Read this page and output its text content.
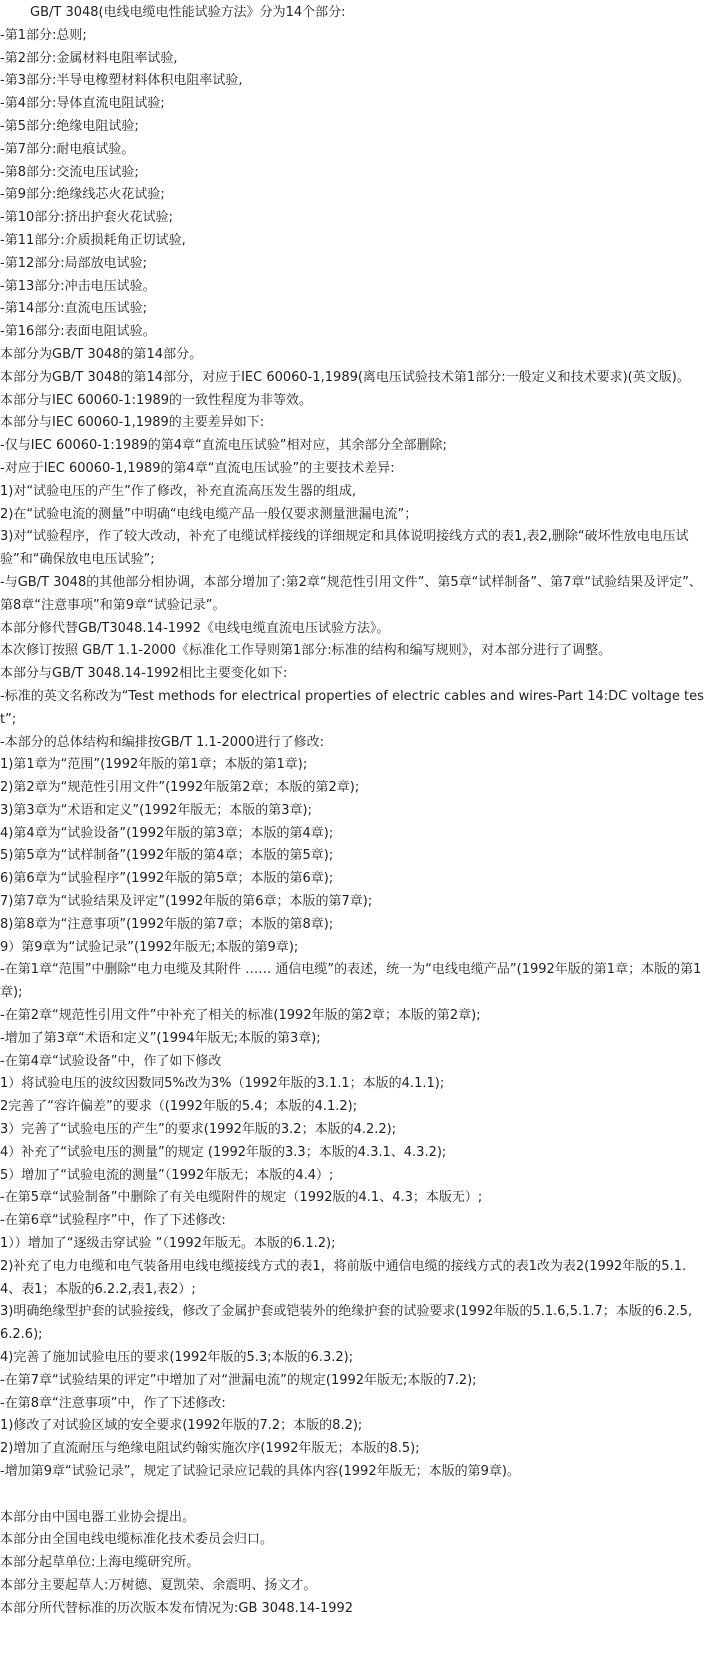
GB/T 3048(电线电缆电性能试验方法》分为14个部分:

-第1部分:总则;

-第2部分:金属材料电阻率试验,

-第3部分:半导电橡塑材料体积电阻率试验,

-第4部分:导体直流电阻试验;

-第5部分:绝缘电阻试验;

-第7部分:耐电痕试验。

-第8部分:交流电压试验;

-第9部分:绝缘线芯火花试验;

-第10部分:挤出护套火花试验;

-第11部分:介质损耗角正切试验,

-第12部分:局部放电试验;

-第13部分:冲击电压试验。

-第14部分:直流电压试验;

-第16部分:表面电阻试验。

本部分为GB/T 3048的第14部分。

本部分为GB/T 3048的第14部分，对应于IEC 60060-1,1989(离电压试验技术第1部分:一般定义和技术要求)(英文版)。

本部分与IEC 60060-1:1989的一致性程度为非等效。

本部分与IEC 60060-1,1989的主要差异如下:

-仅与IEC 60060-1:1989的第4章“直流电压试验”相对应，其余部分全部删除;

-对应于IEC 60060-1,1989的第4章“直流电压试验”的主要技术差异:

1)对“试验电压的产生”作了修改，补充直流高压发生器的组成,

2)在“试验电流的测量”中明确“电线电缆产品一般仅要求测量泄漏电流”；

3)对“试验程序，作了较大改动，补充了电缆试样接线的详细规定和具体说明接线方式的表1,表2,删除“破坏性放电电压试验”和“确保放电电压试验”;

-与GB/T 3048的其他部分相协调，本部分增加了:第2章“规范性引用文件”、第5章“试样制备”、第7章“试验结果及评定”、第8章“注意事项”和第9章“试验记录”。

本部分修代替GB/T3048.14-1992《电线电缆直流电压试验方法》。

本次修订按照 GB/T 1.1-2000《标准化工作导则第1部分:标准的结构和编写规则》，对本部分进行了调整。

本部分与GB/T 3048.14-1992相比主要变化如下:

-标准的英文名称改为“Test methods for electrical properties of electric cables and wires-Part 14:DC voltage test”;

-本部分的总体结构和编排按GB/T 1.1-2000进行了修改:

1)第1章为“范围”(1992年版的第1章；本版的第1章);

2)第2章为“规范性引用文件”(1992年版第2章；本版的第2章);

3)第3章为“术语和定义”(1992年版无；本版的第3章);

4)第4章为“试验设备”(1992年版的第3章；本版的第4章);

5)第5章为“试样制备”(1992年版的第4章；本版的第5章);

6)第6章为“试验程序”(1992年版的第5章；本版的第6章);

7)第7章为“试验结果及评定”(1992年版的第6章；本版的第7章);

8)第8章为“注意事项”(1992年版的第7章；本版的第8章);

9）第9章为“试验记录”(1992年版无;本版的第9章);

-在第1章“范围”中删除“电力电缆及其附件 …… 通信电缆”的表述，统一为“电线电缆产品”(1992年版的第1章；本版的第1章);

-在第2章“规范性引用文件”中补充了相关的标准(1992年版的第2章；本版的第2章);

-增加了第3章“术语和定义”(1994年版无;本版的第3章);

-在第4章“试验设备”中，作了如下修改

1）将试验电压的波纹因数同5%改为3%（1992年版的3.1.1；本版的4.1.1);

2完善了“容许偏差”的要求（(1992年版的5.4；本版的4.1.2);

3）完善了“试验电压的产生”的要求(1992年版的3.2；本版的4.2.2);

4）补充了“试验电压的测量”的规定 (1992年版的3.3；本版的4.3.1、4.3.2);

5）增加了“试验电流的测量”（1992年版无；本版的4.4）;

-在第5章“试验制备”中删除了有关电缆附件的规定（1992版的4.1、4.3；本版无）;

-在第6章“试验程序”中，作了下述修改:

1））增加了“逐级击穿试验 ”（1992年版无。本版的6.1.2);

2)补充了电力电缆和电气装备用电线电缆接线方式的表1，将前版中通信电缆的接线方式的表1改为表2(1992年版的5.1.4、表1；本版的6.2.2,表1,表2）;

3)明确绝缘型护套的试验接线，修改了金属护套或铠装外的绝缘护套的试验要求(1992年版的5.1.6,5.1.7；本版的6.2.5,6.2.6);

4)完善了施加试验电压的要求(1992年版的5.3;本版的6.3.2);

-在第7章“试验结果的评定”中增加了对“泄漏电流”的规定(1992年版无;本版的7.2);

-在第8章“注意事项”中，作了下述修改:

1)修改了对试验区域的安全要求(1992年版的7.2；本版的8.2);

2)增加了直流耐压与绝缘电阻试约翰实施次序(1992年版无；本版的8.5);

-增加第9章“试验记录”，规定了试验记录应记载的具体内容(1992年版无；本版的第9章)。

本部分由中国电器工业协会提出。

本部分由全国电线电缆标准化技术委员会归口。

本部分起草单位:上海电缆研究所。

本部分主要起草人:万树德、夏凯荣、余震明、扬文才。

本部分所代替标准的历次版本发布情况为:GB 3048.14-1992
